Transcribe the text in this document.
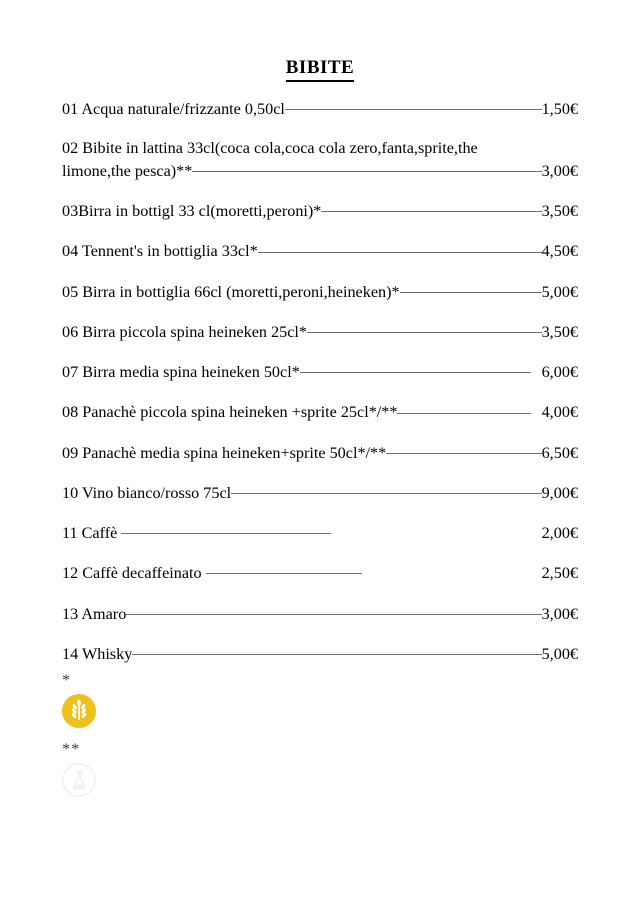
BIBITE
01 Acqua naturale/frizzante 0,50cl	1,50€
02 Bibite in lattina 33cl(coca cola,coca cola zero,fanta,sprite,the
limone,the pesca)**	3,00€
03Birra in bottigl 33 cl(moretti,peroni)*	3,50€
04 Tennent's in bottiglia 33cl*	4,50€
05 Birra in bottiglia 66cl (moretti,peroni,heineken)*	5,00€
06 Birra piccola spina heineken 25cl*	3,50€
07 Birra media spina heineken 50cl*	6,00€
08 Panachè piccola spina heineken +sprite 25cl*/**	4,00€
09 Panachè media spina heineken+sprite 50cl*/**	6,50€
10 Vino bianco/rosso 75cl	9,00€
11 Caffè	2,00€
12 Caffè decaffeinato	2,50€
13 Amaro	3,00€
14 Whisky	5,00€
*
**
